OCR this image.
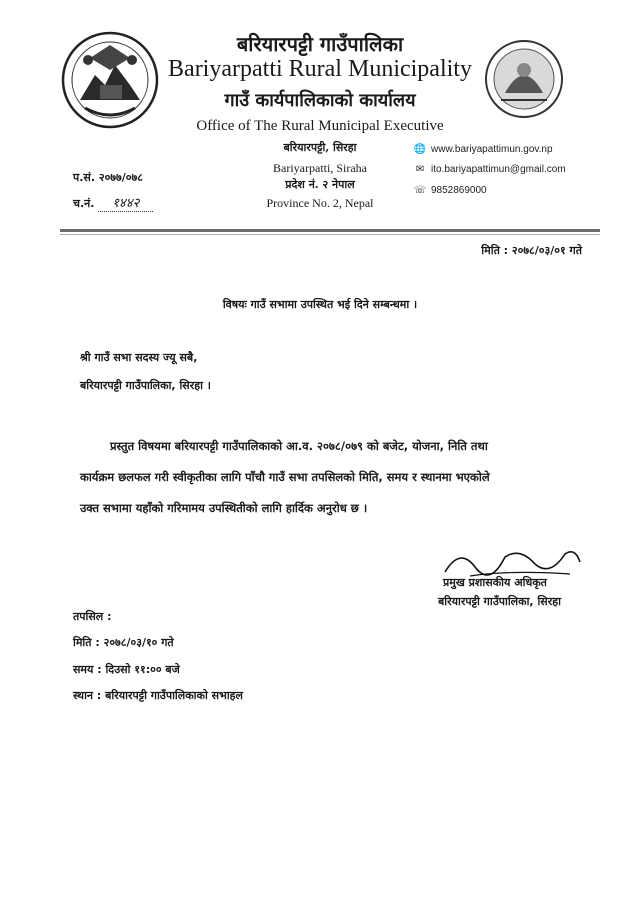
बरियारपट्टी गाउँपालिका
Bariyarpatti Rural Municipality
गाउँ कार्यपालिकाको कार्यालय
Office of The Rural Municipal Executive
बरियारपट्टी, सिरहा
Bariyarpatti, Siraha
प्रदेश नं. २ नेपाल
Province No. 2, Nepal
🌐 www.bariyapattimun.gov.np
✉ ito.bariyapattimun@gmail.com
☏ 9852869000
प.सं. २०७७/०७८
च.नं. १४४२
मिति : २०७८/०३/०१ गते
विषयः गाउँ सभामा उपस्थित भई दिने सम्बन्धमा ।
श्री गाउँ सभा सदस्य ज्यू सबै,
बरियारपट्टी गाउँपालिका, सिरहा ।
प्रस्तुत विषयमा बरियारपट्टी गाउँपालिकाको आ.व. २०७८/०७९ को बजेट, योजना, निति तथा
कार्यक्रम छलफल गरी स्वीकृतीका लागि पाँचौ गाउँ सभा तपसिलको मिति, समय र स्थानमा भएकोले
उक्त सभामा यहाँको गरिमामय उपस्थितीको लागि हार्दिक अनुरोध छ ।
प्रमुख प्रशासकीय अधिकृत
बरियारपट्टी गाउँपालिका, सिरहा
तपसिल :
मिति : २०७८/०३/१० गते
समय : दिउसो ११:०० बजे
स्थान : बरियारपट्टी गाउँपालिकाको सभाहल
